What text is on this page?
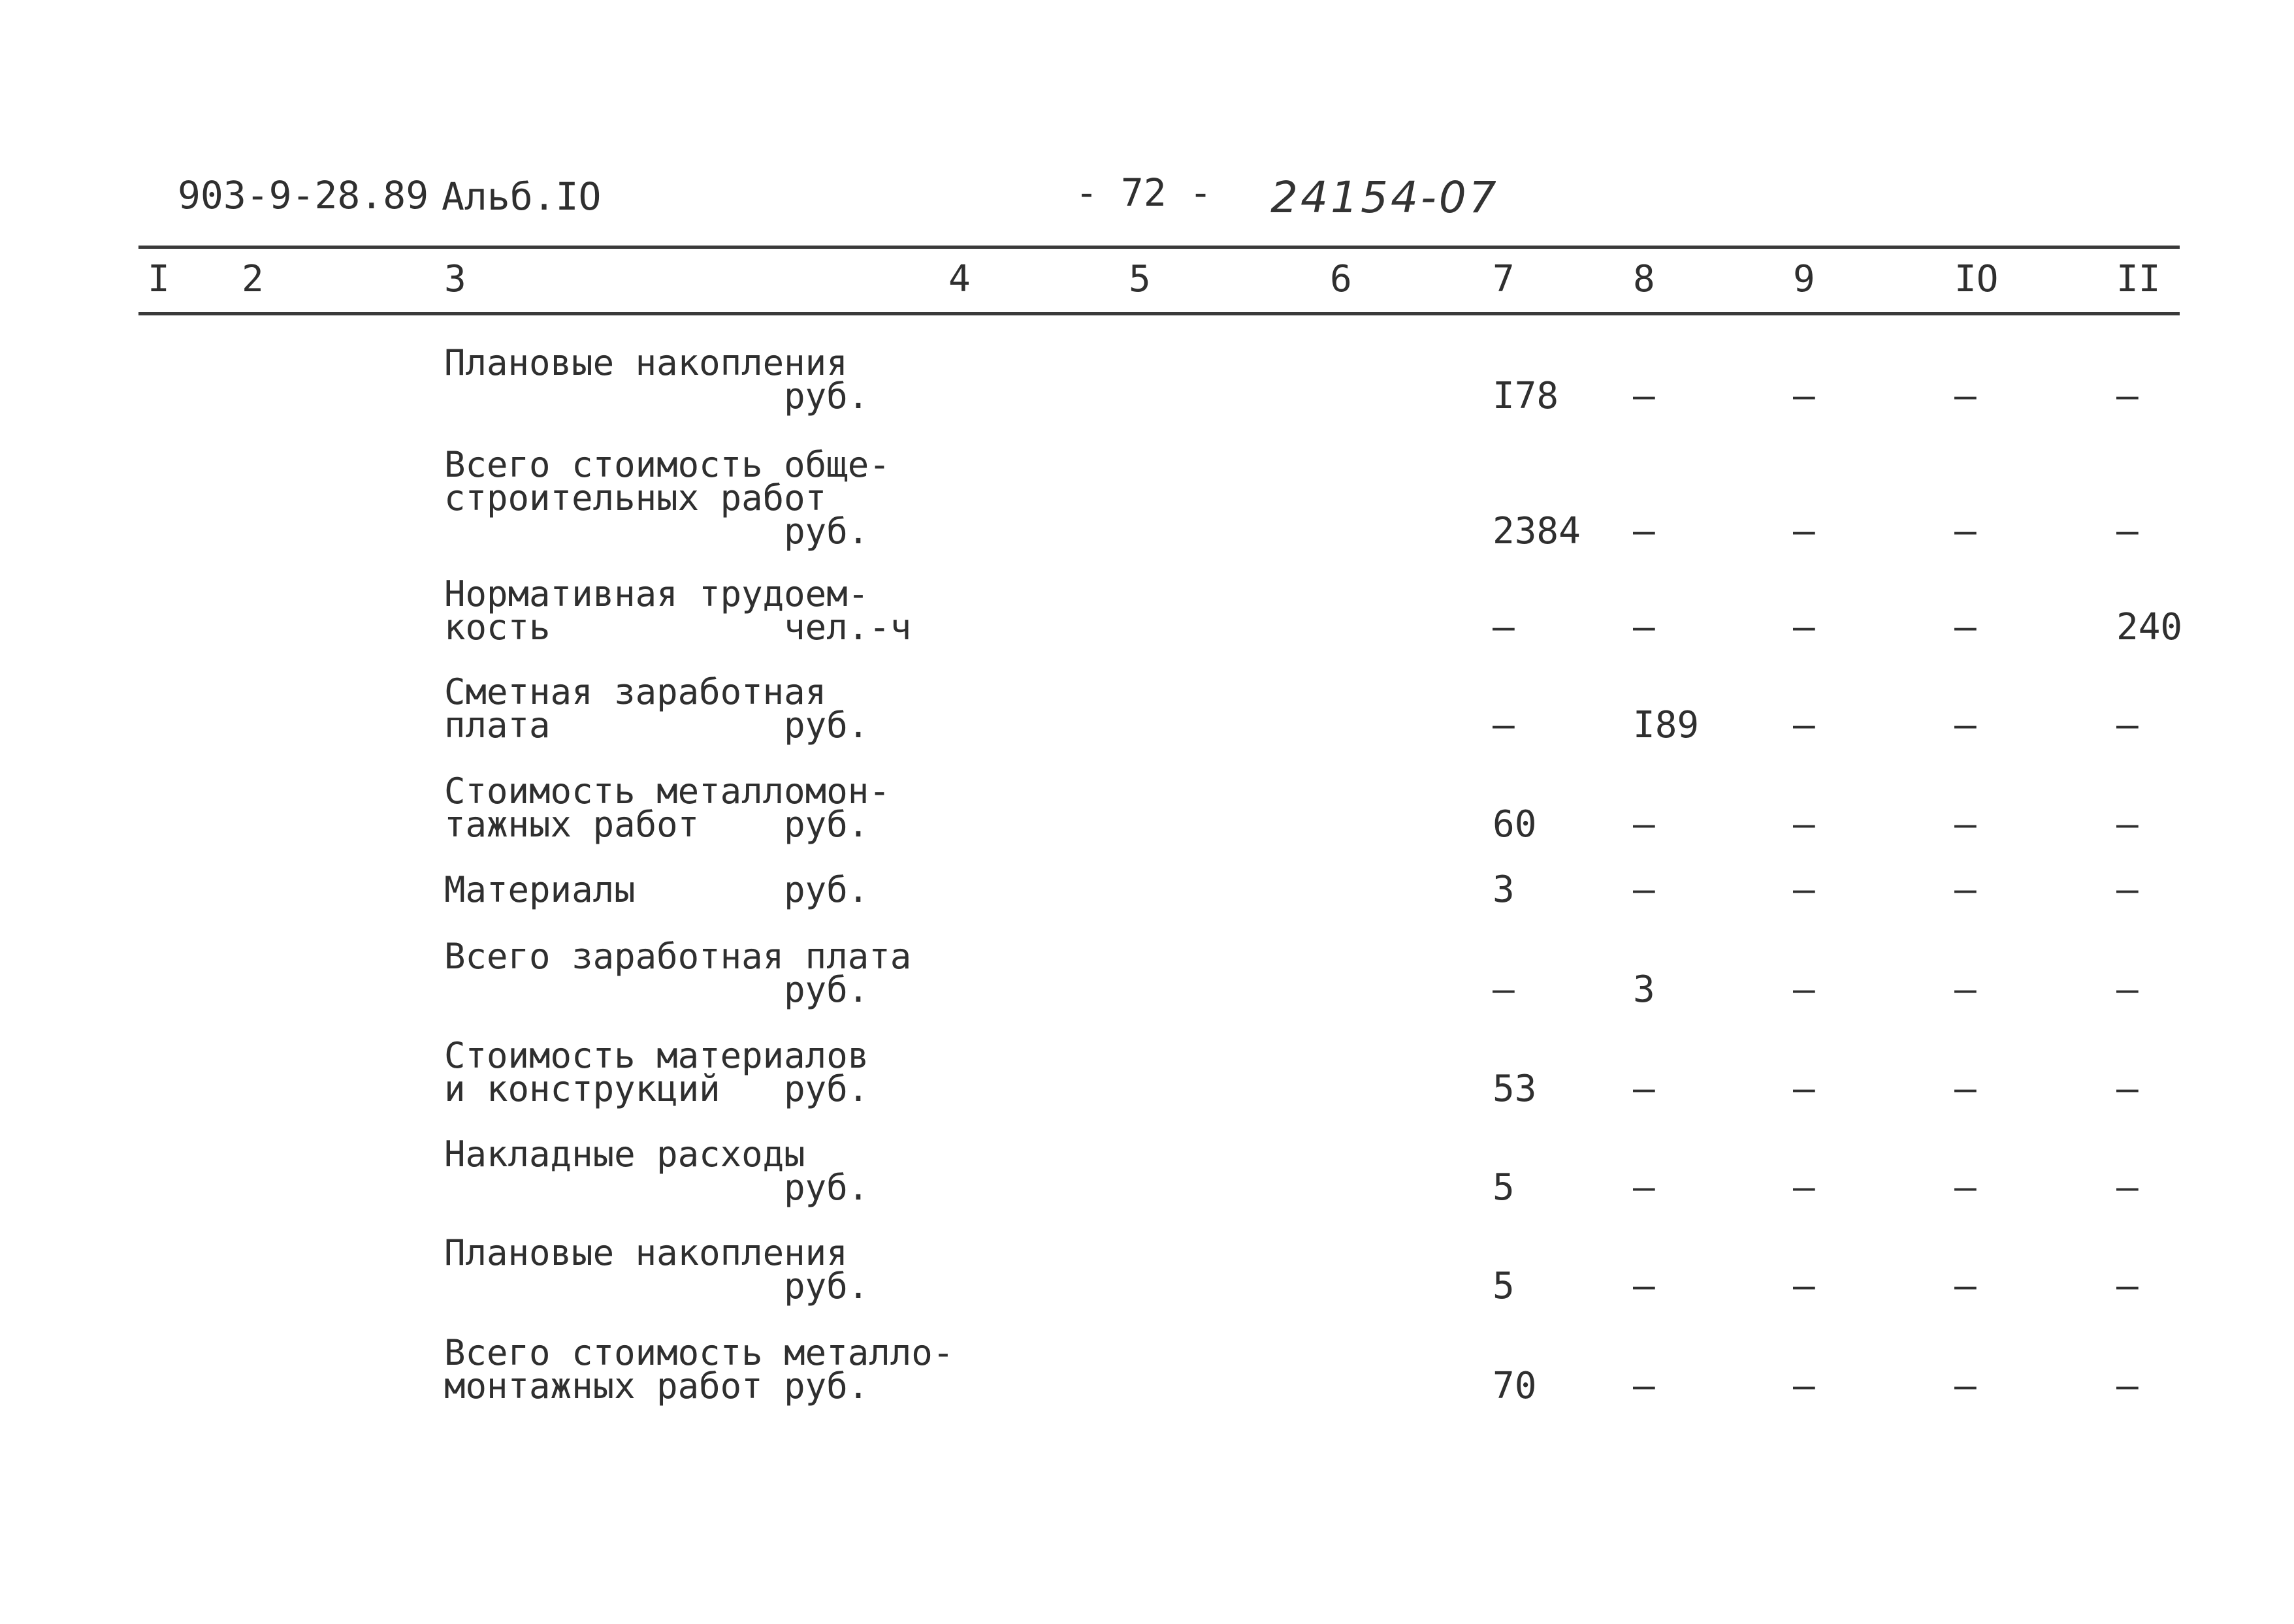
903-9-28.89 Альб.IO	- 72 - 24154-07
I 2	3	4	5	6	7	8	9	IO	II
Плановые накопления
руб.	I78 –	–	–	–
Всего стоимость обще-
строительных работ
руб.	2384 –	–	–	–
Нормативная трудоем-
кость           чел.-ч	–	–	–	–	240
Сметная заработная
плата           руб.	–	I89	–	–	–
Стоимость металломон-
тажных работ    руб.	60	–	–	–	–
Материалы       руб.	3	–	–	–	–
Всего заработная плата
руб.	–	3	–	–	–
Стоимость материалов
и конструкций   руб.	53	–	–	–	–
Накладные расходы
руб.	5	–	–	–	–
Плановые накопления
руб.	5	–	–	–	–
Всего стоимость металло-
монтажных работ руб.	70	–	–	–	–
